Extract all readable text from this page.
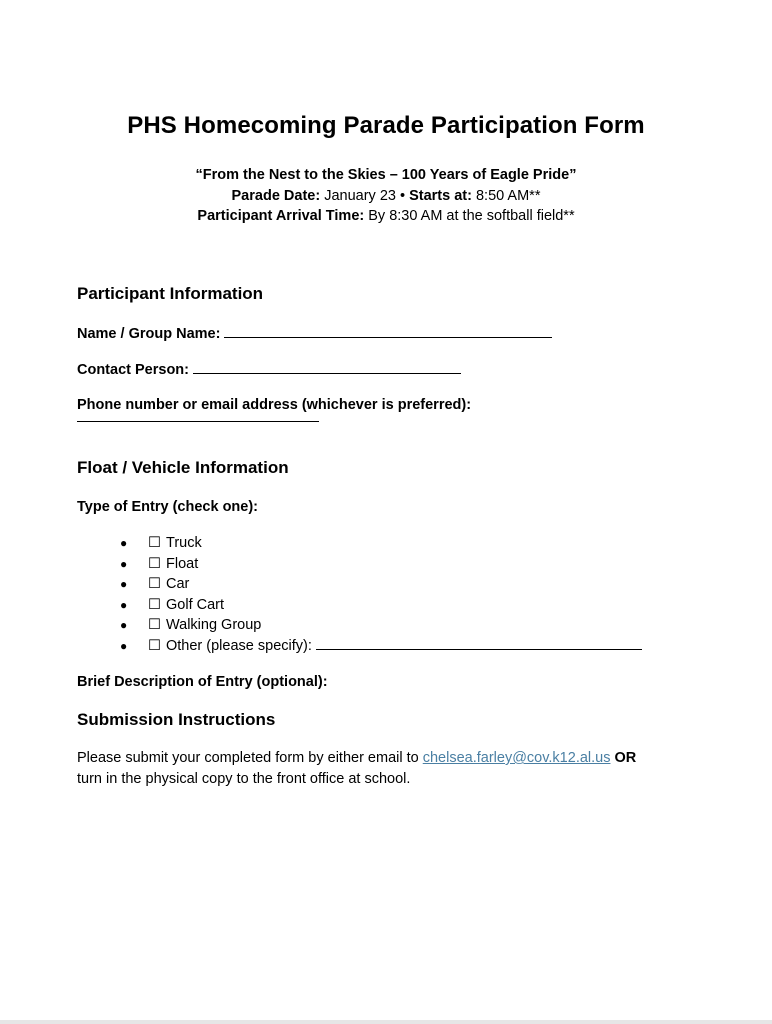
PHS Homecoming Parade Participation Form
“From the Nest to the Skies – 100 Years of Eagle Pride”
Parade Date: January 23 • Starts at: 8:50 AM**
Participant Arrival Time: By 8:30 AM at the softball field**
Participant Information
Name / Group Name:
Contact Person:
Phone number or email address (whichever is preferred):
Float / Vehicle Information
Type of Entry (check one):
● ☐ Truck
● ☐ Float
● ☐ Car
● ☐ Golf Cart
● ☐ Walking Group
● ☐ Other (please specify):
Brief Description of Entry (optional):
Submission Instructions
Please submit your completed form by either email to chelsea.farley@cov.k12.al.us OR
turn in the physical copy to the front office at school.
